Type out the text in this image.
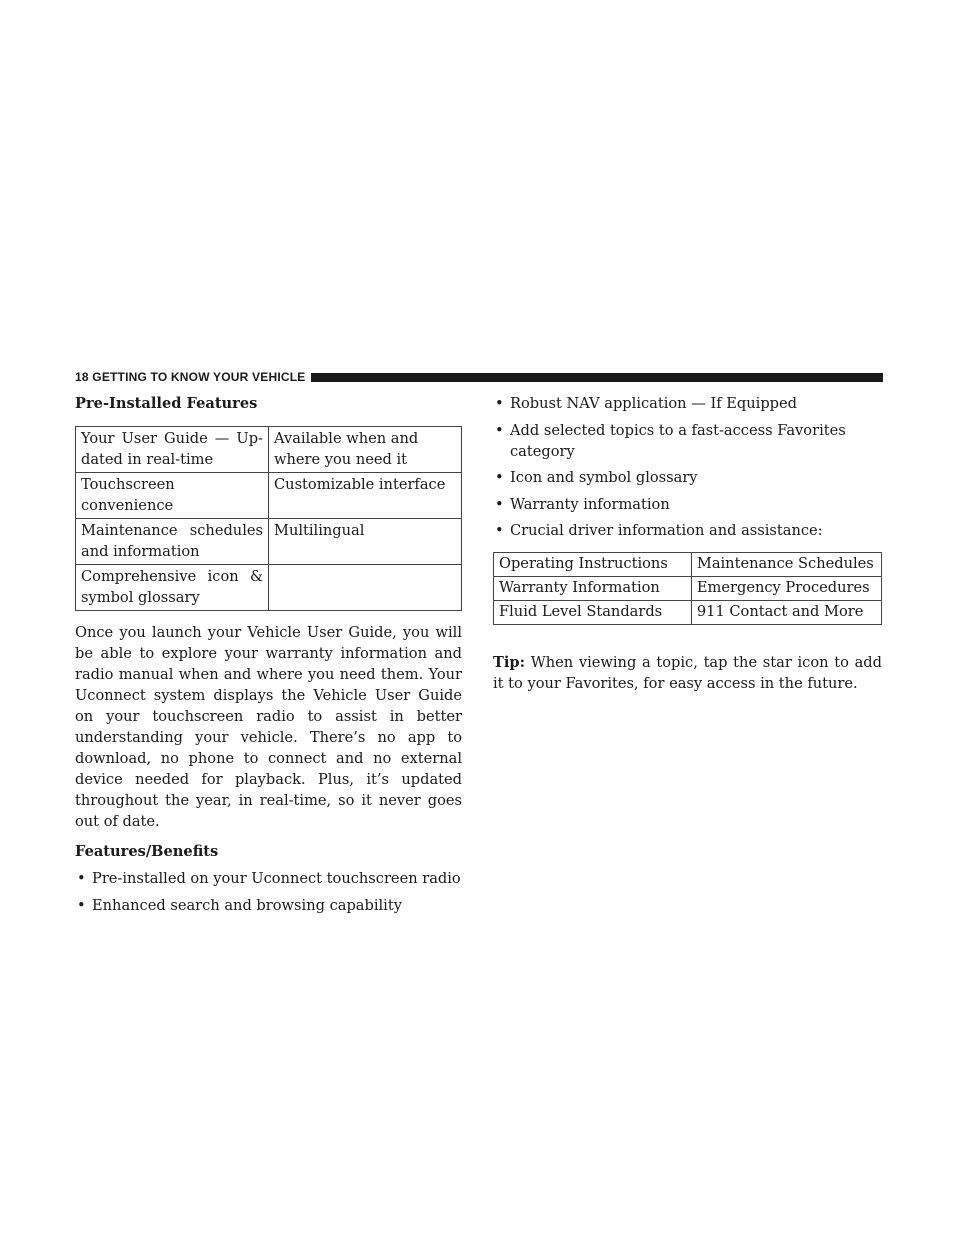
18 GETTING TO KNOW YOUR VEHICLE
Pre-Installed Features
Your User Guide — Up-dated in real-time	Available when and where you need it
Touchscreen convenience	Customizable interface
Maintenance schedules and information	Multilingual
Comprehensive icon & symbol glossary	

Once you launch your Vehicle User Guide, you will be able to explore your warranty information and radio manual when and where you need them. Your Uconnect system displays the Vehicle User Guide on your touchscreen radio to assist in better understanding your vehicle. There’s no app to download, no phone to connect and no external device needed for playback. Plus, it’s updated throughout the year, in real-time, so it never goes out of date.

Features/Benefits
• Pre-installed on your Uconnect touchscreen radio
• Enhanced search and browsing capability
• Robust NAV application — If Equipped
• Add selected topics to a fast-access Favorites category
• Icon and symbol glossary
• Warranty information
• Crucial driver information and assistance:
Operating Instructions	Maintenance Schedules
Warranty Information	Emergency Procedures
Fluid Level Standards	911 Contact and More

Tip: When viewing a topic, tap the star icon to add it to your Favorites, for easy access in the future.
